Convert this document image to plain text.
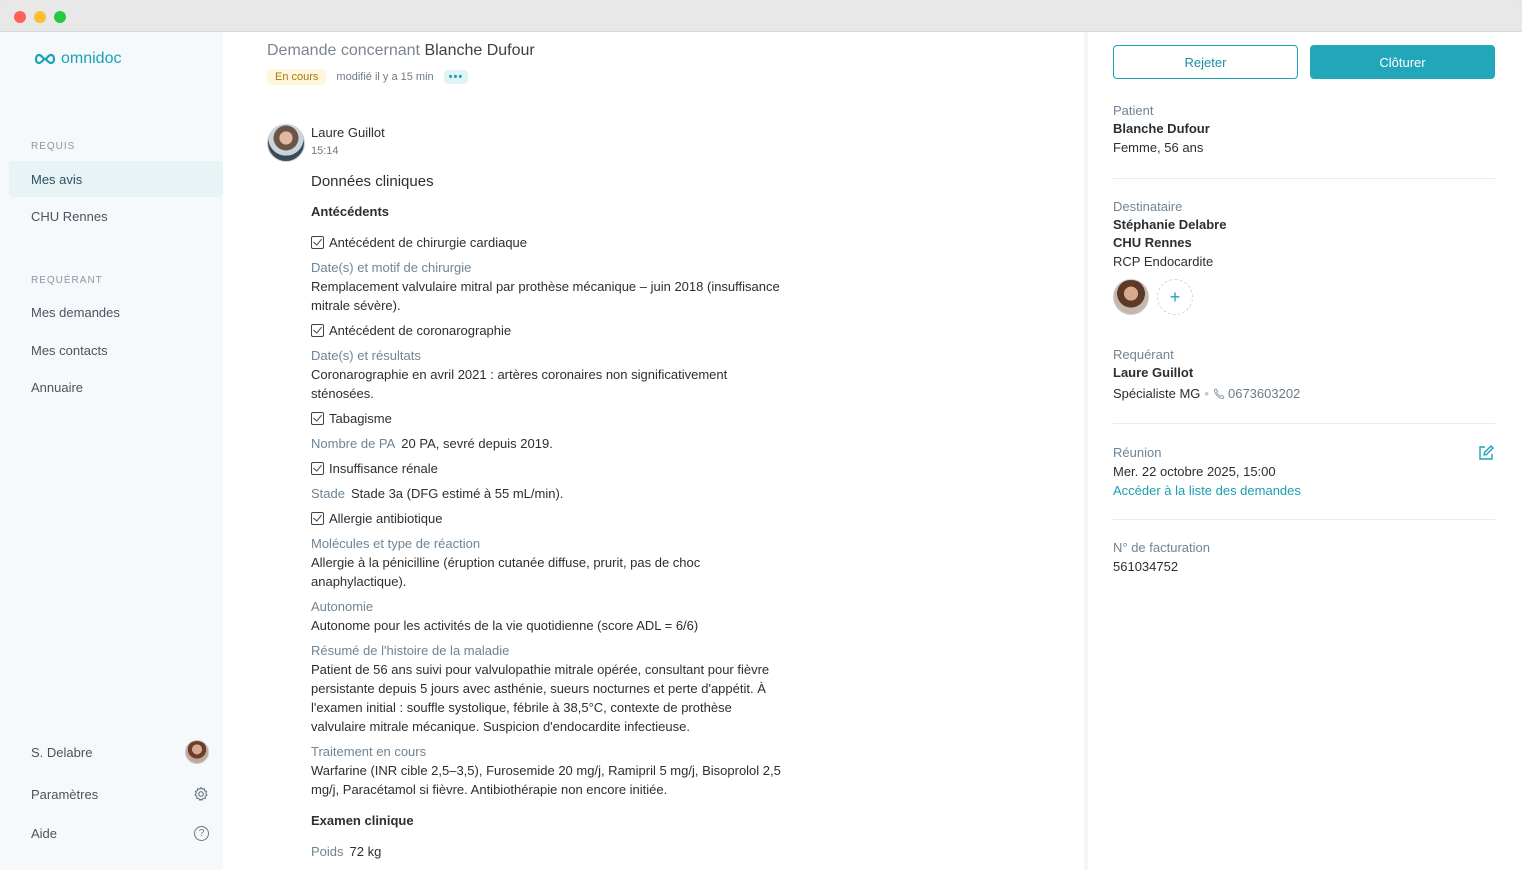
omnidoc
REQUIS
Mes avis
CHU Rennes
REQUÉRANT
Mes demandes
Mes contacts
Annuaire
S. Delabre
Paramètres
Aide	?
Demande concernant Blanche Dufour
En cours	modifié il y a 15 min	•••
Laure Guillot
15:14
Données cliniques
Antécédents
Antécédent de chirurgie cardiaque
Date(s) et motif de chirurgie
Remplacement valvulaire mitral par prothèse mécanique – juin 2018 (insuffisance mitrale sévère).
Antécédent de coronarographie
Date(s) et résultats
Coronarographie en avril 2021 : artères coronaires non significativement sténosées.
Tabagisme
Nombre de PA 20 PA, sevré depuis 2019.
Insuffisance rénale
Stade Stade 3a (DFG estimé à 55 mL/min).
Allergie antibiotique
Molécules et type de réaction
Allergie à la pénicilline (éruption cutanée diffuse, prurit, pas de choc anaphylactique).
Autonomie
Autonome pour les activités de la vie quotidienne (score ADL = 6/6)
Résumé de l'histoire de la maladie
Patient de 56 ans suivi pour valvulopathie mitrale opérée, consultant pour fièvre persistante depuis 5 jours avec asthénie, sueurs nocturnes et perte d'appétit. À l'examen initial : souffle systolique, fébrile à 38,5°C, contexte de prothèse valvulaire mitrale mécanique. Suspicion d'endocardite infectieuse.
Traitement en cours
Warfarine (INR cible 2,5–3,5), Furosemide 20 mg/j, Ramipril 5 mg/j, Bisoprolol 2,5 mg/j, Paracétamol si fièvre. Antibiothérapie non encore initiée.
Examen clinique
Poids 72 kg
Rejeter	Clôturer
Patient
Blanche Dufour
Femme, 56 ans
Destinataire
Stéphanie Delabre
CHU Rennes
RCP Endocardite
+
Requérant
Laure Guillot
Spécialiste MG • 0673603202
Réunion
Mer. 22 octobre 2025, 15:00
Accéder à la liste des demandes
N° de facturation
561034752
